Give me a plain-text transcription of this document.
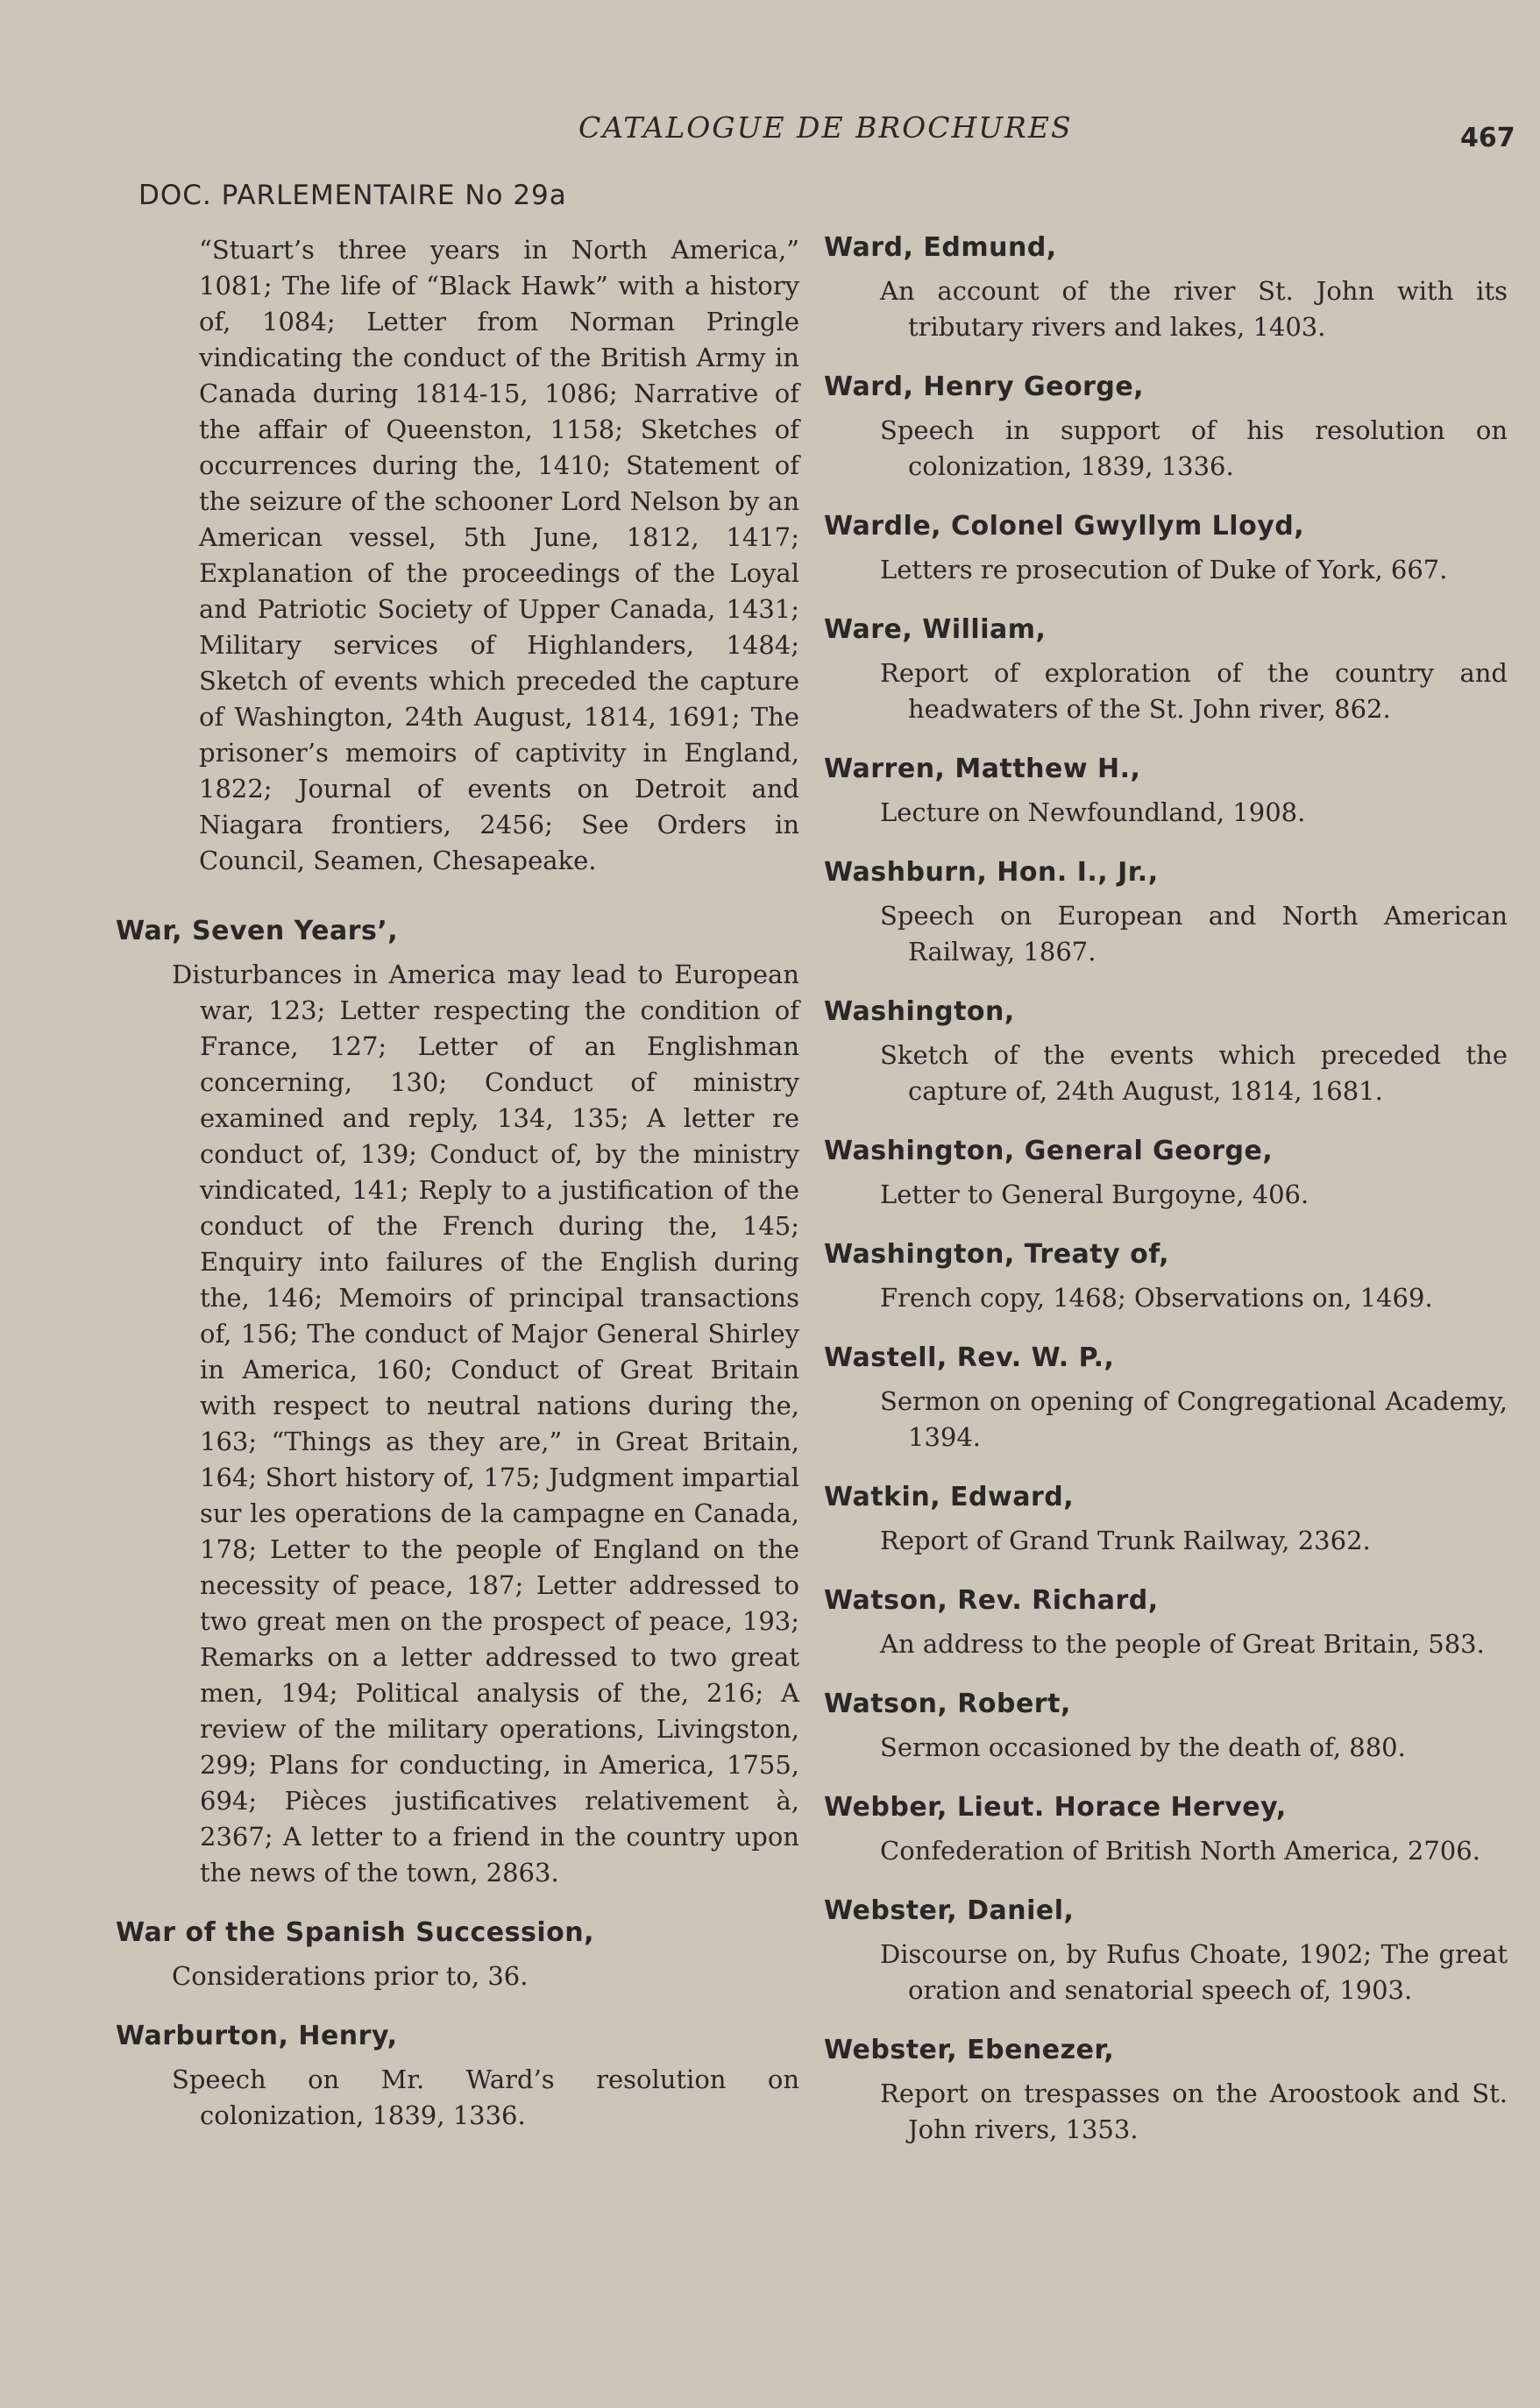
CATALOGUE DE BROCHURES	467
DOC. PARLEMENTAIRE No 29a

“Stuart’s three years in North America,” 1081; The life of “Black Hawk” with a history of, 1084; Letter from Norman Pringle vindicating the conduct of the British Army in Canada during 1814-15, 1086; Narrative of the affair of Queenston, 1158; Sketches of occurrences during the, 1410; Statement of the seizure of the schooner Lord Nelson by an American vessel, 5th June, 1812, 1417; Explanation of the proceedings of the Loyal and Patriotic Society of Upper Canada, 1431; Military services of Highlanders, 1484; Sketch of events which preceded the capture of Washington, 24th August, 1814, 1691; The prisoner’s memoirs of captivity in England, 1822; Journal of events on Detroit and Niagara frontiers, 2456; See Orders in Council, Seamen, Chesapeake.

War, Seven Years’,

Disturbances in America may lead to European war, 123; Letter respecting the condition of France, 127; Letter of an Englishman concerning, 130; Conduct of ministry examined and reply, 134, 135; A letter re conduct of, 139; Conduct of, by the ministry vindicated, 141; Reply to a justification of the conduct of the French during the, 145; Enquiry into failures of the English during the, 146; Memoirs of principal transactions of, 156; The conduct of Major General Shirley in America, 160; Conduct of Great Britain with respect to neutral nations during the, 163; “Things as they are,” in Great Britain, 164; Short history of, 175; Judgment impartial sur les operations de la campagne en Canada, 178; Letter to the people of England on the necessity of peace, 187; Letter addressed to two great men on the prospect of peace, 193; Remarks on a letter addressed to two great men, 194; Political analysis of the, 216; A review of the military operations, Livingston, 299; Plans for conducting, in America, 1755, 694; Pièces justificatives relativement à, 2367; A letter to a friend in the country upon the news of the town, 2863.

War of the Spanish Succession,

Considerations prior to, 36.

Warburton, Henry,

Speech on Mr. Ward’s resolution on colonization, 1839, 1336.

Ward, Edmund,

An account of the river St. John with its tributary rivers and lakes, 1403.

Ward, Henry George,

Speech in support of his resolution on colonization, 1839, 1336.

Wardle, Colonel Gwyllym Lloyd,

Letters re prosecution of Duke of York, 667.

Ware, William,

Report of exploration of the country and headwaters of the St. John river, 862.

Warren, Matthew H.,

Lecture on Newfoundland, 1908.

Washburn, Hon. I., Jr.,

Speech on European and North American Railway, 1867.

Washington,

Sketch of the events which preceded the capture of, 24th August, 1814, 1681.

Washington, General George,

Letter to General Burgoyne, 406.

Washington, Treaty of,

French copy, 1468; Observations on, 1469.

Wastell, Rev. W. P.,

Sermon on opening of Congregational Academy, 1394.

Watkin, Edward,

Report of Grand Trunk Railway, 2362.

Watson, Rev. Richard,

An address to the people of Great Britain, 583.

Watson, Robert,

Sermon occasioned by the death of, 880.

Webber, Lieut. Horace Hervey,

Confederation of British North America, 2706.

Webster, Daniel,

Discourse on, by Rufus Choate, 1902; The great oration and senatorial speech of, 1903.

Webster, Ebenezer,

Report on trespasses on the Aroostook and St. John rivers, 1353.
